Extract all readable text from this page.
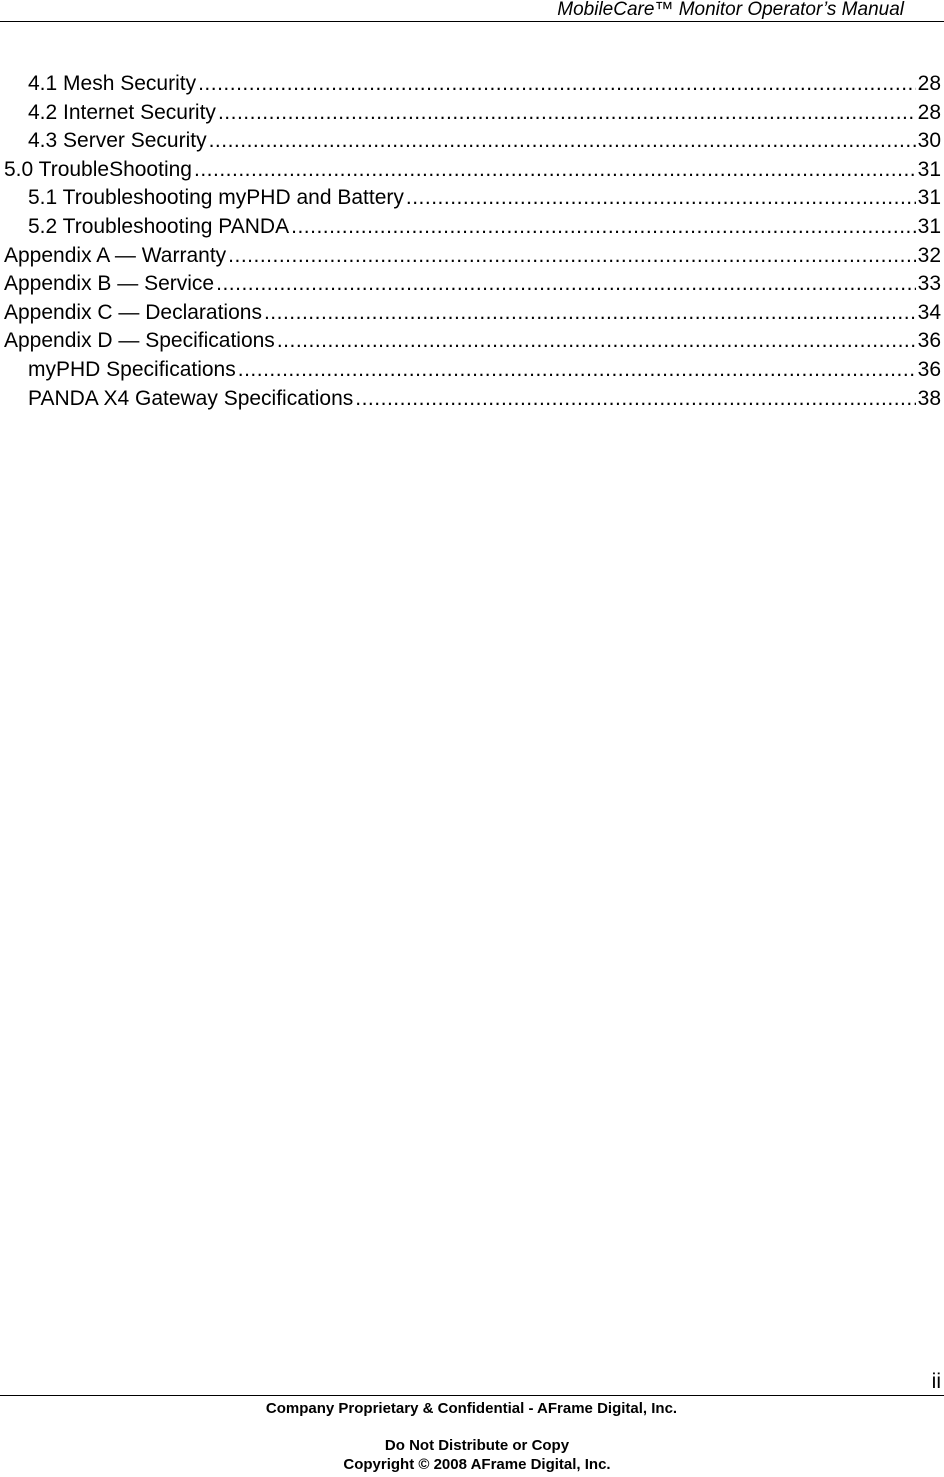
MobileCare™ Monitor Operator’s Manual
4.1 Mesh Security .....	28
4.2 Internet Security .....	28
4.3 Server Security .....	30
5.0 TroubleShooting .....	31
5.1 Troubleshooting myPHD and Battery .....	31
5.2 Troubleshooting PANDA .....	31
Appendix A — Warranty .....	32
Appendix B — Service .....	33
Appendix C — Declarations .....	34
Appendix D — Specifications .....	36
myPHD Specifications .....	36
PANDA X4 Gateway Specifications .....	38
ii
Company Proprietary & Confidential - AFrame Digital, Inc.
Do Not Distribute or Copy
Copyright © 2008 AFrame Digital, Inc.
